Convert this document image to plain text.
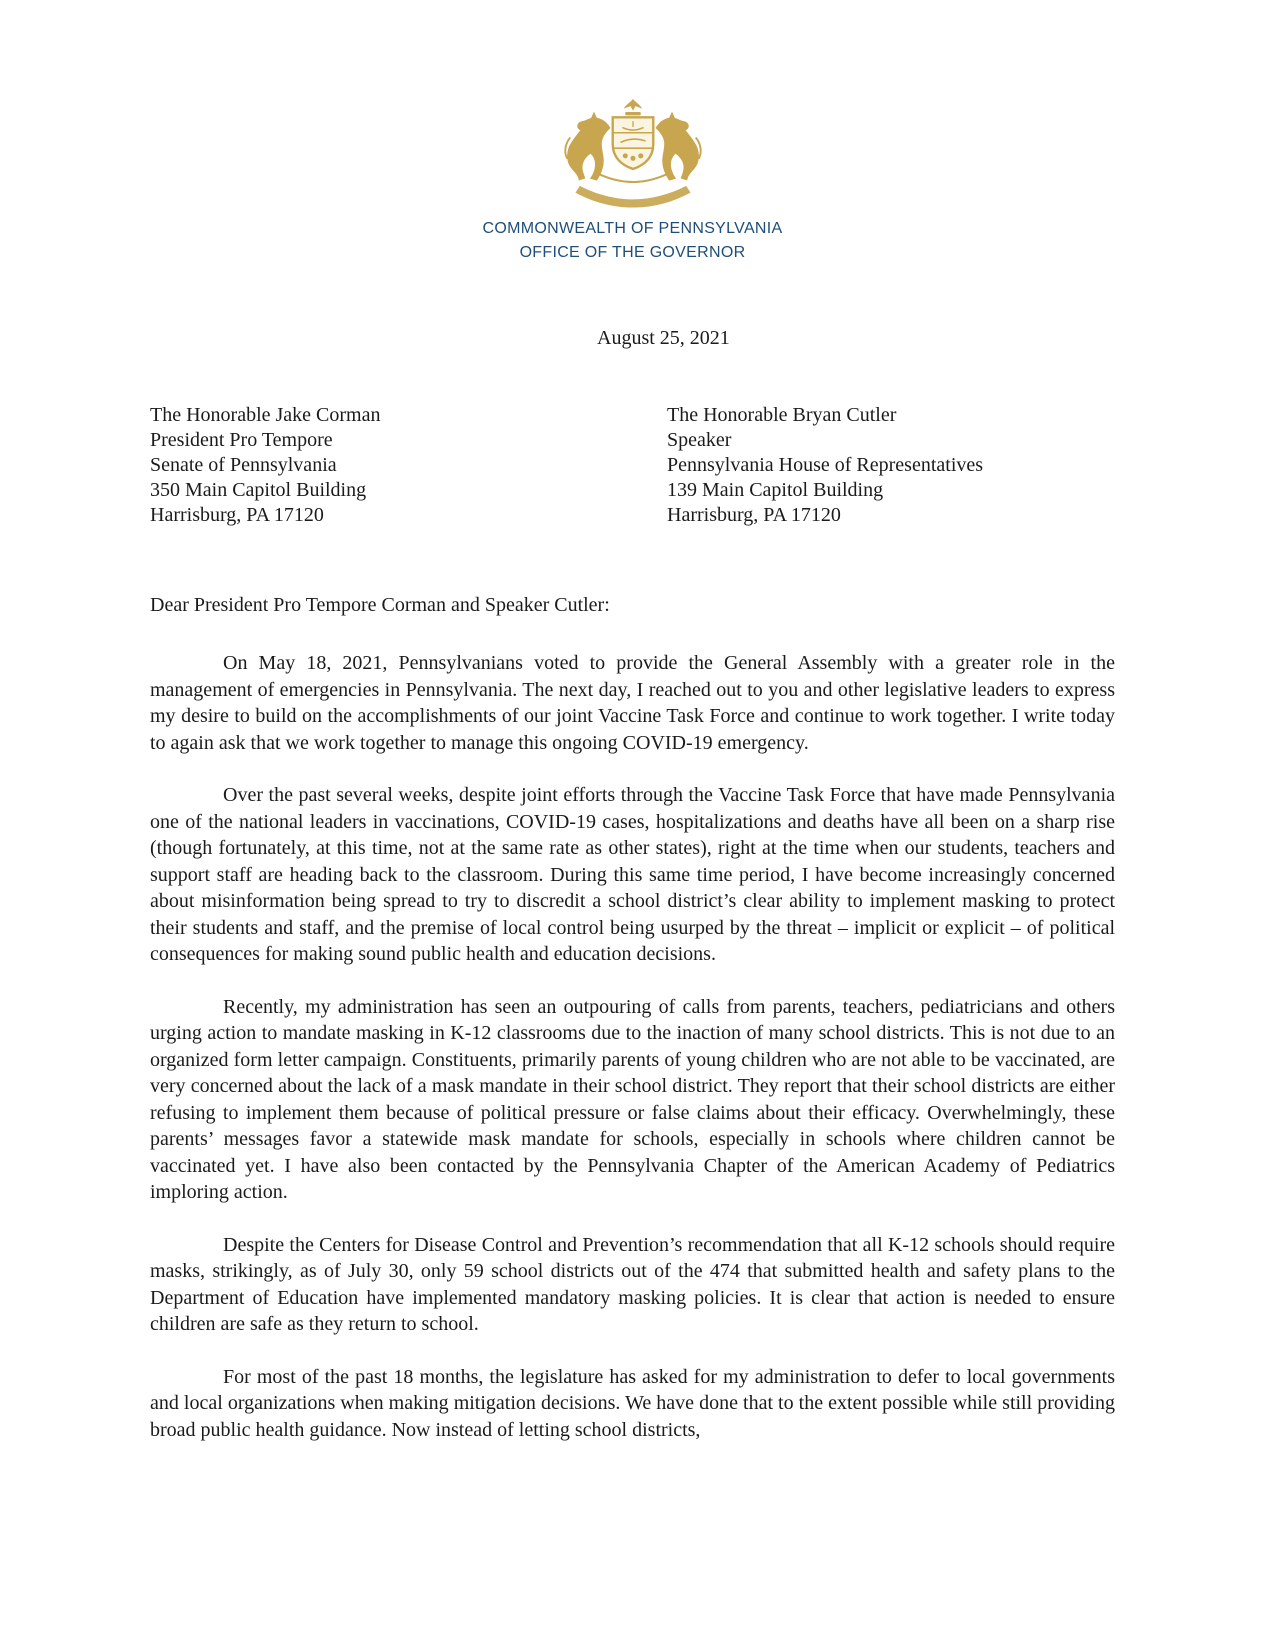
COMMONWEALTH OF PENNSYLVANIA
OFFICE OF THE GOVERNOR
August 25, 2021
The Honorable Jake Corman
President Pro Tempore
Senate of Pennsylvania
350 Main Capitol Building
Harrisburg, PA 17120
The Honorable Bryan Cutler
Speaker
Pennsylvania House of Representatives
139 Main Capitol Building
Harrisburg, PA 17120
Dear President Pro Tempore Corman and Speaker Cutler:

On May 18, 2021, Pennsylvanians voted to provide the General Assembly with a greater role in the management of emergencies in Pennsylvania. The next day, I reached out to you and other legislative leaders to express my desire to build on the accomplishments of our joint Vaccine Task Force and continue to work together. I write today to again ask that we work together to manage this ongoing COVID-19 emergency.

Over the past several weeks, despite joint efforts through the Vaccine Task Force that have made Pennsylvania one of the national leaders in vaccinations, COVID-19 cases, hospitalizations and deaths have all been on a sharp rise (though fortunately, at this time, not at the same rate as other states), right at the time when our students, teachers and support staff are heading back to the classroom. During this same time period, I have become increasingly concerned about misinformation being spread to try to discredit a school district’s clear ability to implement masking to protect their students and staff, and the premise of local control being usurped by the threat – implicit or explicit – of political consequences for making sound public health and education decisions.

Recently, my administration has seen an outpouring of calls from parents, teachers, pediatricians and others urging action to mandate masking in K-12 classrooms due to the inaction of many school districts. This is not due to an organized form letter campaign. Constituents, primarily parents of young children who are not able to be vaccinated, are very concerned about the lack of a mask mandate in their school district. They report that their school districts are either refusing to implement them because of political pressure or false claims about their efficacy. Overwhelmingly, these parents’ messages favor a statewide mask mandate for schools, especially in schools where children cannot be vaccinated yet. I have also been contacted by the Pennsylvania Chapter of the American Academy of Pediatrics imploring action.

Despite the Centers for Disease Control and Prevention’s recommendation that all K-12 schools should require masks, strikingly, as of July 30, only 59 school districts out of the 474 that submitted health and safety plans to the Department of Education have implemented mandatory masking policies. It is clear that action is needed to ensure children are safe as they return to school.

For most of the past 18 months, the legislature has asked for my administration to defer to local governments and local organizations when making mitigation decisions. We have done that to the extent possible while still providing broad public health guidance. Now instead of letting school districts,
